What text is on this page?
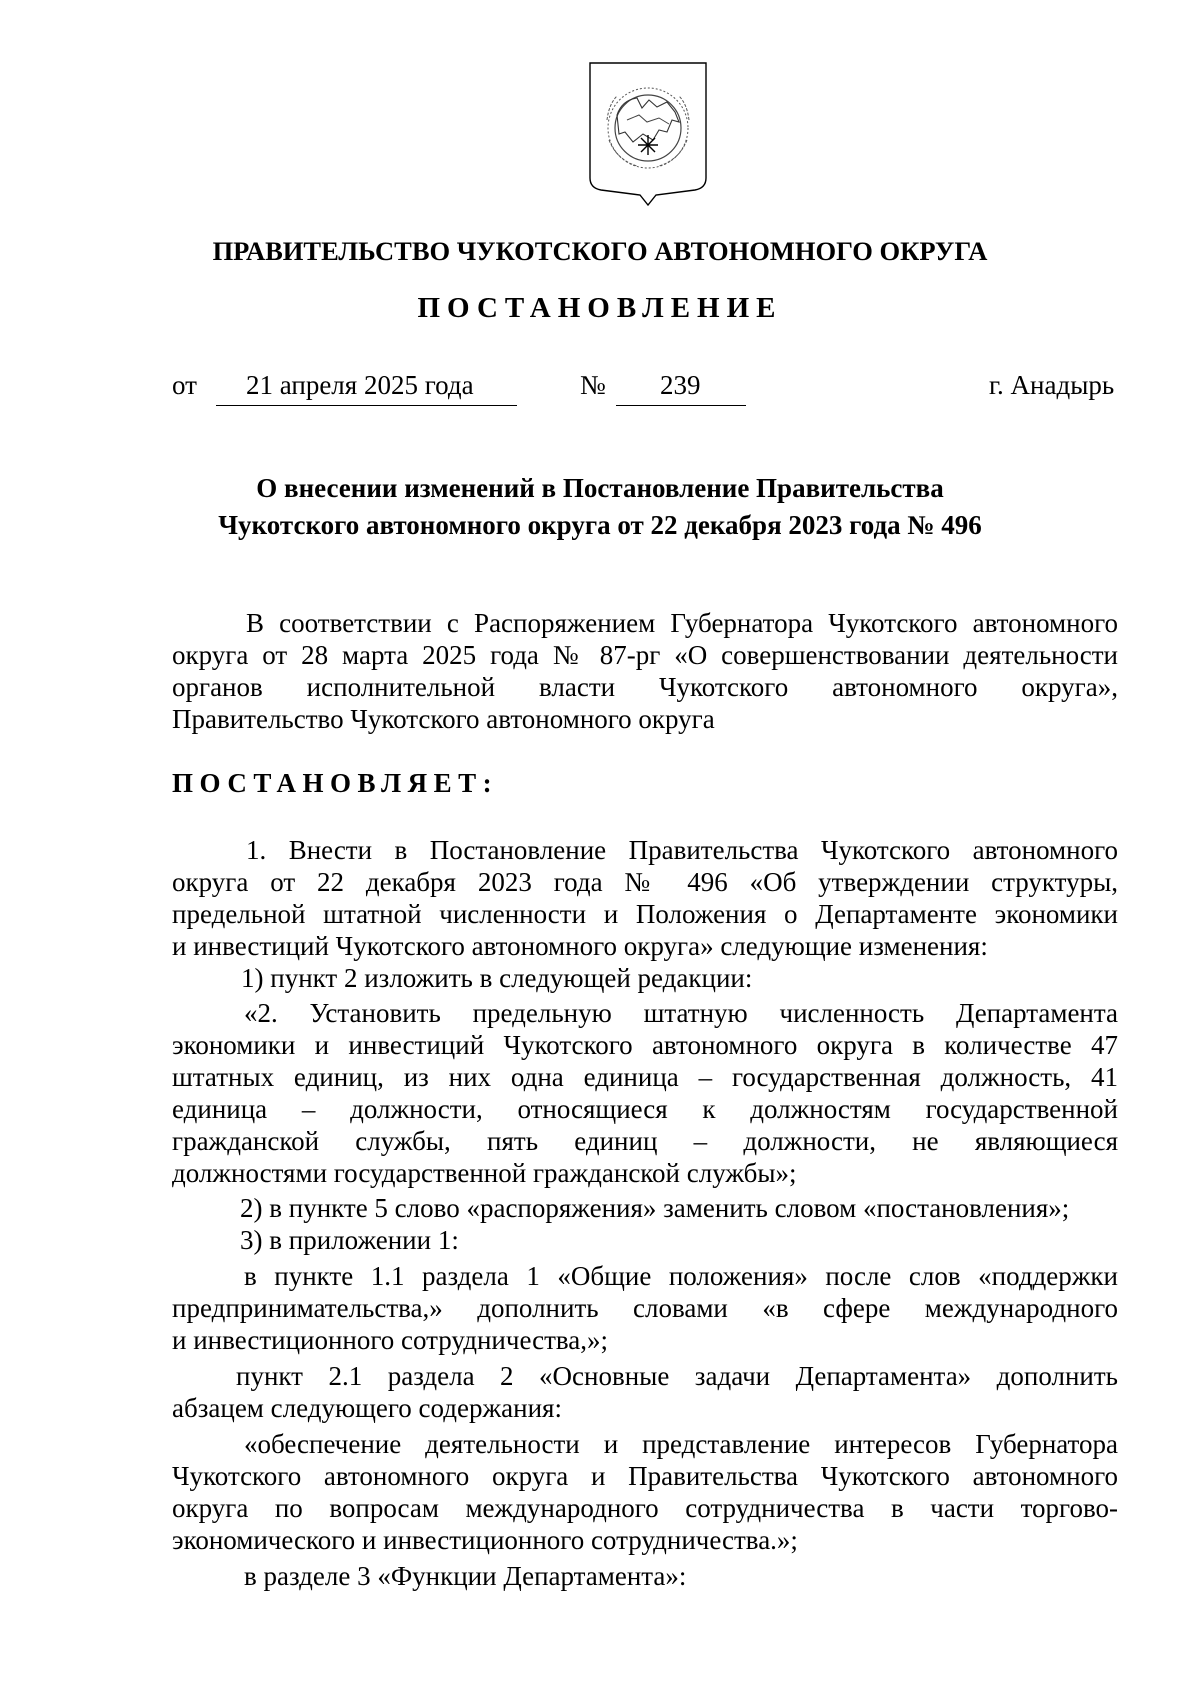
ПРАВИТЕЛЬСТВО ЧУКОТСКОГО АВТОНОМНОГО ОКРУГА
ПОСТАНОВЛЕНИЕ
от 21 апреля 2025 года	№ 239	г. Анадырь
О внесении изменений в Постановление Правительства
Чукотского автономного округа от 22 декабря 2023 года № 496
В соответствии с Распоряжением Губернатора Чукотского автономного
округа от 28 марта 2025 года № 87-рг «О совершенствовании деятельности
органов исполнительной власти Чукотского автономного округа»,
Правительство Чукотского автономного округа
ПОСТАНОВЛЯЕТ:
1. Внести в Постановление Правительства Чукотского автономного
округа от 22 декабря 2023 года № 496 «Об утверждении структуры,
предельной штатной численности и Положения о Департаменте экономики
и инвестиций Чукотского автономного округа» следующие изменения:
1) пункт 2 изложить в следующей редакции:
«2. Установить предельную штатную численность Департамента
экономики и инвестиций Чукотского автономного округа в количестве 47
штатных единиц, из них одна единица – государственная должность, 41
единица – должности, относящиеся к должностям государственной
гражданской службы, пять единиц – должности, не являющиеся
должностями государственной гражданской службы»;
2) в пункте 5 слово «распоряжения» заменить словом «постановления»;
3) в приложении 1:
в пункте 1.1 раздела 1 «Общие положения» после слов «поддержки
предпринимательства,» дополнить словами «в сфере международного
и инвестиционного сотрудничества,»;
пункт 2.1 раздела 2 «Основные задачи Департамента» дополнить
абзацем следующего содержания:
«обеспечение деятельности и представление интересов Губернатора
Чукотского автономного округа и Правительства Чукотского автономного
округа по вопросам международного сотрудничества в части торгово-
экономического и инвестиционного сотрудничества.»;
в разделе 3 «Функции Департамента»:
